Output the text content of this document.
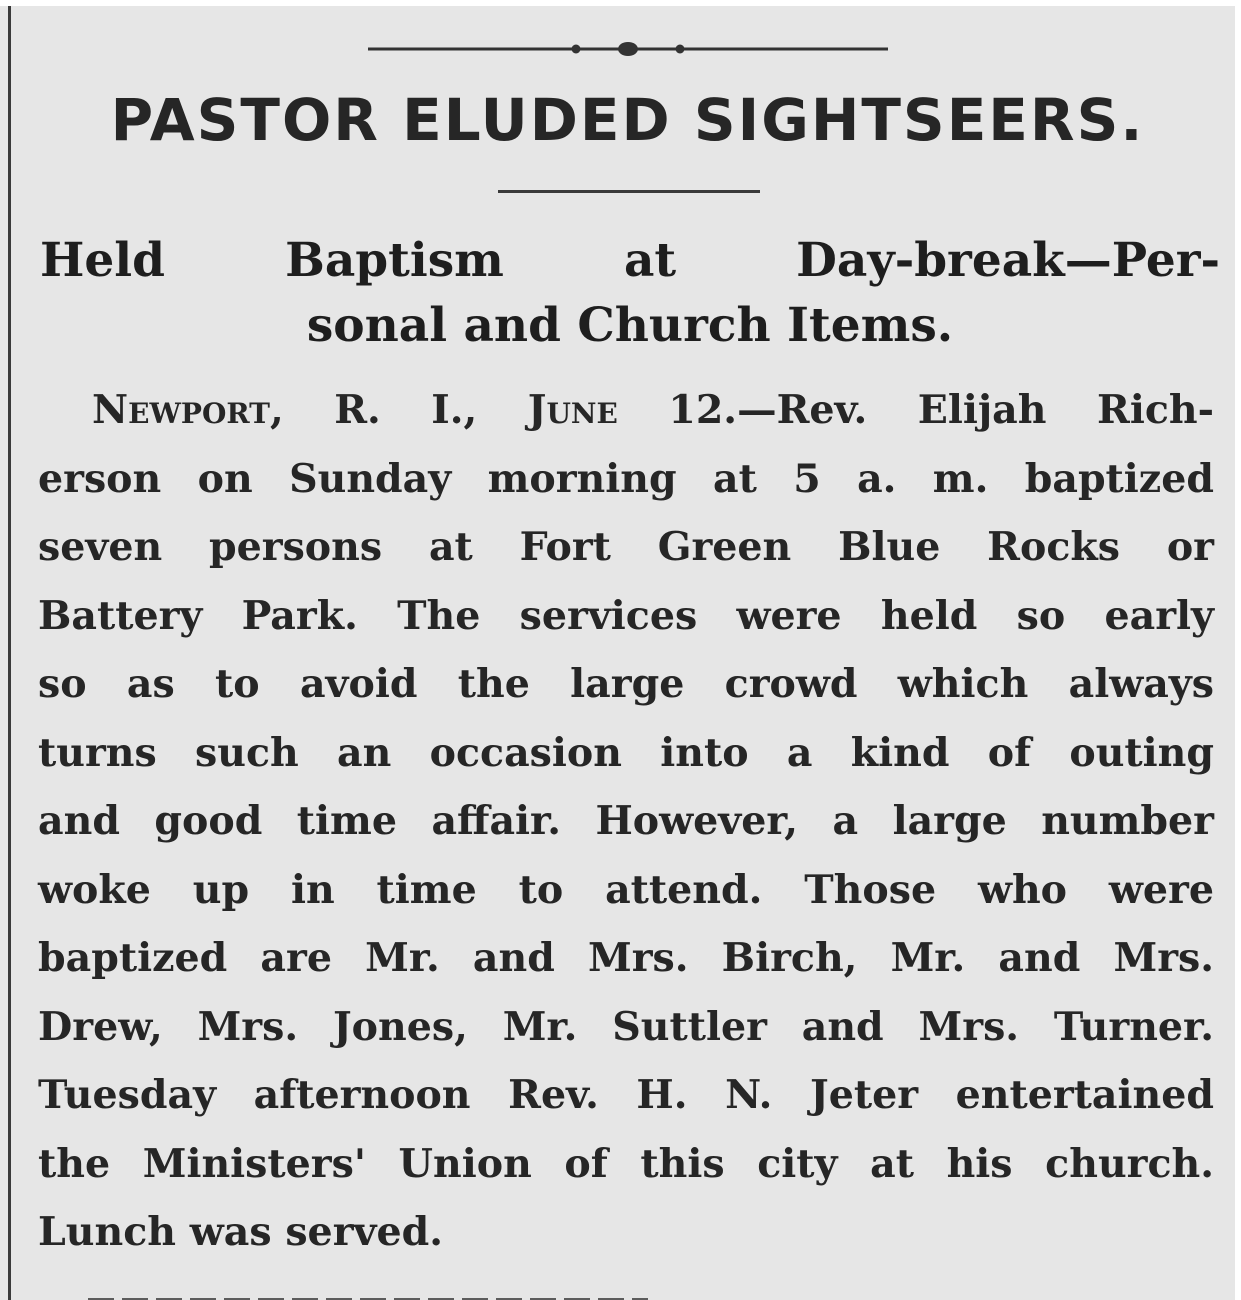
PASTOR ELUDED SIGHTSEERS.
Held Baptism at Day-break—Per-
sonal and Church Items.
Newport, R. I., June 12.—Rev. Elijah Rich-
erson on Sunday morning at 5 a. m. baptized
seven persons at Fort Green Blue Rocks or
Battery Park. The services were held so early
so as to avoid the large crowd which always
turns such an occasion into a kind of outing
and good time affair. However, a large number
woke up in time to attend. Those who were
baptized are Mr. and Mrs. Birch, Mr. and Mrs.
Drew, Mrs. Jones, Mr. Suttler and Mrs. Turner.
Tuesday afternoon Rev. H. N. Jeter entertained
the Ministers' Union of this city at his church.
Lunch was served.
